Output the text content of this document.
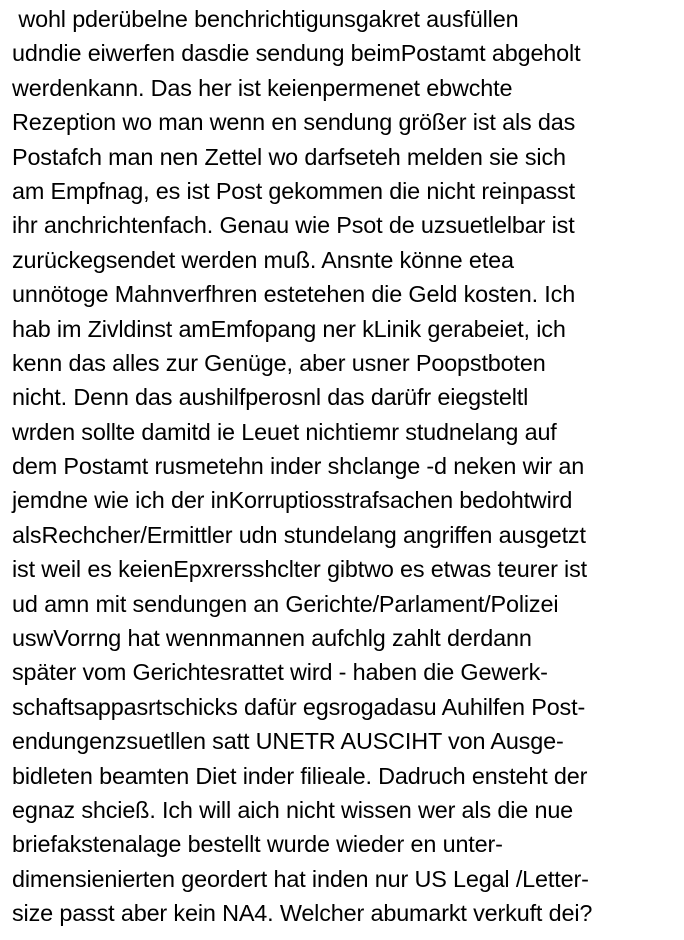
wohl pderübelne benchrichtigunsgakret ausfüllen
udndie eiwerfen dasdie sendung beimPostamt abgeholt
werdenkann. Das her ist keienpermenet ebwchte
Rezeption wo man wenn en sendung größer ist als das
Postafch man nen Zettel wo darfseteh melden sie sich
am Empfnag, es ist Post gekommen die nicht reinpasst
ihr anchrichtenfach. Genau wie Psot de uzsuetlelbar ist
zurückegsendet werden muß. Ansnte könne etea
unnötoge Mahnverfhren estetehen die Geld kosten. Ich
hab im Zivldinst amEmfopang ner kLinik gerabeiet, ich
kenn das alles zur Genüge, aber usner Poopstboten
nicht. Denn das aushilfperosnl das darüfr eiegsteltl
wrden sollte damitd ie Leuet nichtiemr studnelang auf
dem Postamt rusmetehn inder shclange -d neken wir an
jemdne wie ich der inKorruptiosstrafsachen bedohtwird
alsRechcher/Ermittler udn stundelang angriffen ausgetzt
ist weil es keienEpxrersshclter gibtwo es etwas teurer ist
ud amn mit sendungen an Gerichte/Parlament/Polizei
uswVorrng hat wennmannen aufchlg zahlt derdann
später vom Gerichtesrattet wird - haben die Gewerk-
schaftsappasrtschicks dafür egsrogadasu Auhilfen Post-
endungenzsuetllen satt UNETR AUSCIHT von Ausge-
bidleten beamten Diet inder filieale. Dadruch ensteht der
egnaz shcieß. Ich will aich nicht wissen wer als die nue
briefakstenalage bestellt wurde wieder en unter-
dimensienierten geordert hat inden nur US Legal /Letter-
size passt aber kein NA4. Welcher abumarkt verkuft dei?
